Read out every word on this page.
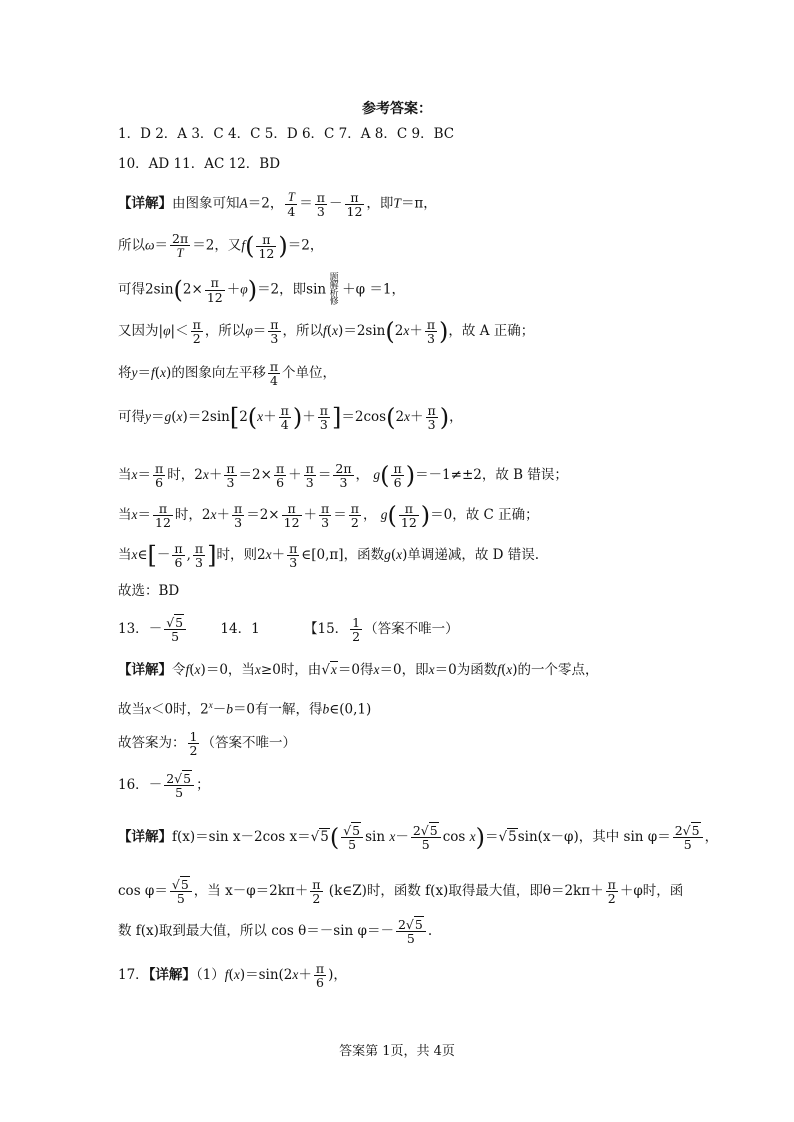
参考答案：
1．D 2．A 3．C 4．C 5．D 6．C 7．A 8．C 9．BC
10．AD 11．AC 12．BD
【详解】由图象可知A＝2， $\frac{T}{4} = \frac{\pi}{3} - \frac{\pi}{12}$ ，即T＝π，
所以$\omega= \frac{2\pi}{T} =2$，又$f( \frac{\pi}{12} )=2$，
可得$2\sin(2\times \frac{\pi}{12} +\varphi)=2$，即sin题
解
析
修＋φ ＝1，
又因为$|\varphi|< \frac{\pi}{2}$ ，所以$\varphi= \frac{\pi}{3}$ ，所以$f(x)=2\sin(2x+ \frac{\pi}{3}$ )，故 A 正确；
将y＝f(x)的图象向左平移 $\frac{\pi}{4}$ 个单位，
可得$y=g(x)=2\sin[2(x+ \frac{\pi}{4}$ )＋ $\frac{\pi}{3} ]=2\cos(2x+ \frac{\pi}{3}$ )，
当$x= \frac{\pi}{6}$ 时，$2x+ \frac{\pi}{3} =2\times \frac{\pi}{6} + \frac{\pi}{3} = \frac{2\pi}{3}$ ， $g( \frac{\pi}{6} )=-1\ne\pm 2$，故 B 错误；
当$x= \frac{\pi}{12}$ 时，$2x+ \frac{\pi}{3} =2\times \frac{\pi}{12} + \frac{\pi}{3} = \frac{\pi}{2}$ ， $g( \frac{\pi}{12} )=0$，故 C 正确；
当x∈[－ $\frac{\pi}{6}$ , $\frac{\pi}{3}$ ]时，则$2x+ \frac{\pi}{3}$ ∈[0,π]，函数g(x)单调递减，故 D 错误.
故选：BD
13．－ $\frac{√5}{5}$	14．1	【15． $\frac{1}{2}$ （答案不唯一）
【详解】令f(x)＝0，当x≥0时，由√x＝0得x＝0，即x＝0为函数f(x)的一个零点，
故当x＜0时，$2^x-b=0$有一解，得b∈(0,1)
故答案为： $\frac{1}{2}$ （答案不唯一）
16．－ $\frac{2√5}{5}$ ；
【详解】f(x)＝sin x－2cos $x=√5( \frac{√5}{5}$ $\sin x- \frac{2√5}{5}$ cos x)＝√5sin(x－φ)，其中 $\sin \varphi= \frac{2√5}{5}$ ，
$\cos \varphi= \frac{√5}{5}$ ，当 $x-\varphi=2k\pi+ \frac{\pi}{2}$ (k∈Z)时，函数 f(x)取得最大值，即$\theta=2k\pi+ \frac{\pi}{2} +\varphi$时，函
数 f(x)取到最大值，所以 cos θ＝－sin $\varphi=- \frac{2√5}{5}$ .
17．【详解】$(1)f(x)=\sin(2x+ \frac{\pi}{6}$ )，
答案第 1页，共 4页
